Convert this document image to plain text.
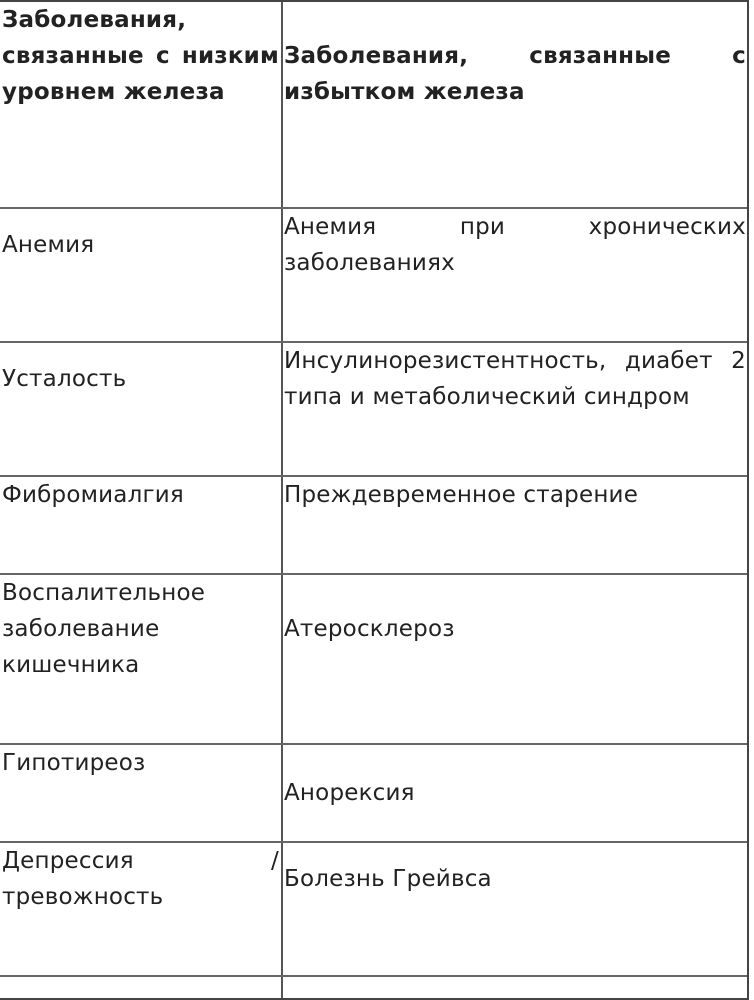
Заболевания, связанные с низким уровнем железа
Заболевания, связанные с избытком железа
Анемия
Анемия при хронических заболеваниях
Усталость
Инсулинорезистентность, диабет 2 типа и метаболический синдром
Фибромиалгия	Преждевременное старение
Воспалительное заболевание кишечника
Атеросклероз
Гипотиреоз
Анорексия
Депрессия / тревожность
Болезнь Грейвса
